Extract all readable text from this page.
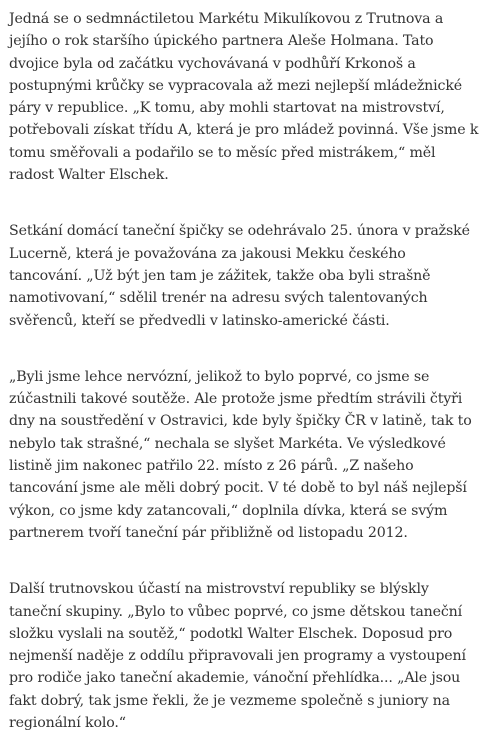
Jedná se o sedmnáctiletou Markétu Mikulíkovou z Trutnova a jejího o rok staršího úpického partnera Aleše Holmana. Tato dvojice byla od začátku vychovávaná v podhůří Krkonoš a postupnými krůčky se vypracovala až mezi nejlepší mládežnické páry v republice. „K tomu, aby mohli startovat na mistrovství, potřebovali získat třídu A, která je pro mládež povinná. Vše jsme k tomu směřovali a podařilo se to měsíc před mistrákem,“ měl radost Walter Elschek.

Setkání domácí taneční špičky se odehrávalo 25. února v pražské Lucerně, která je považována za jakousi Mekku českého tancování. „Už být jen tam je zážitek, takže oba byli strašně namotivovaní,“ sdělil trenér na adresu svých talentovaných svěřenců, kteří se předvedli v latinsko-americké části.

„Byli jsme lehce nervózní, jelikož to bylo poprvé, co jsme se zúčastnili takové soutěže. Ale protože jsme předtím strávili čtyři dny na soustředění v Ostravici, kde byly špičky ČR v latině, tak to nebylo tak strašné,“ nechala se slyšet Markéta. Ve výsledkové listině jim nakonec patřilo 22. místo z 26 párů. „Z našeho tancování jsme ale měli dobrý pocit. V té době to byl náš nejlepší výkon, co jsme kdy zatancovali,“ doplnila dívka, která se svým partnerem tvoří taneční pár přibližně od listopadu 2012.

Další trutnovskou účastí na mistrovství republiky se blýskly taneční skupiny. „Bylo to vůbec poprvé, co jsme dětskou taneční složku vyslali na soutěž,“ podotkl Walter Elschek. Doposud pro nejmenší naděje z oddílu připravovali jen programy a vystoupení pro rodiče jako taneční akademie, vánoční přehlídka... „Ale jsou fakt dobrý, tak jsme řekli, že je vezmeme společně s juniory na regionální kolo.“
